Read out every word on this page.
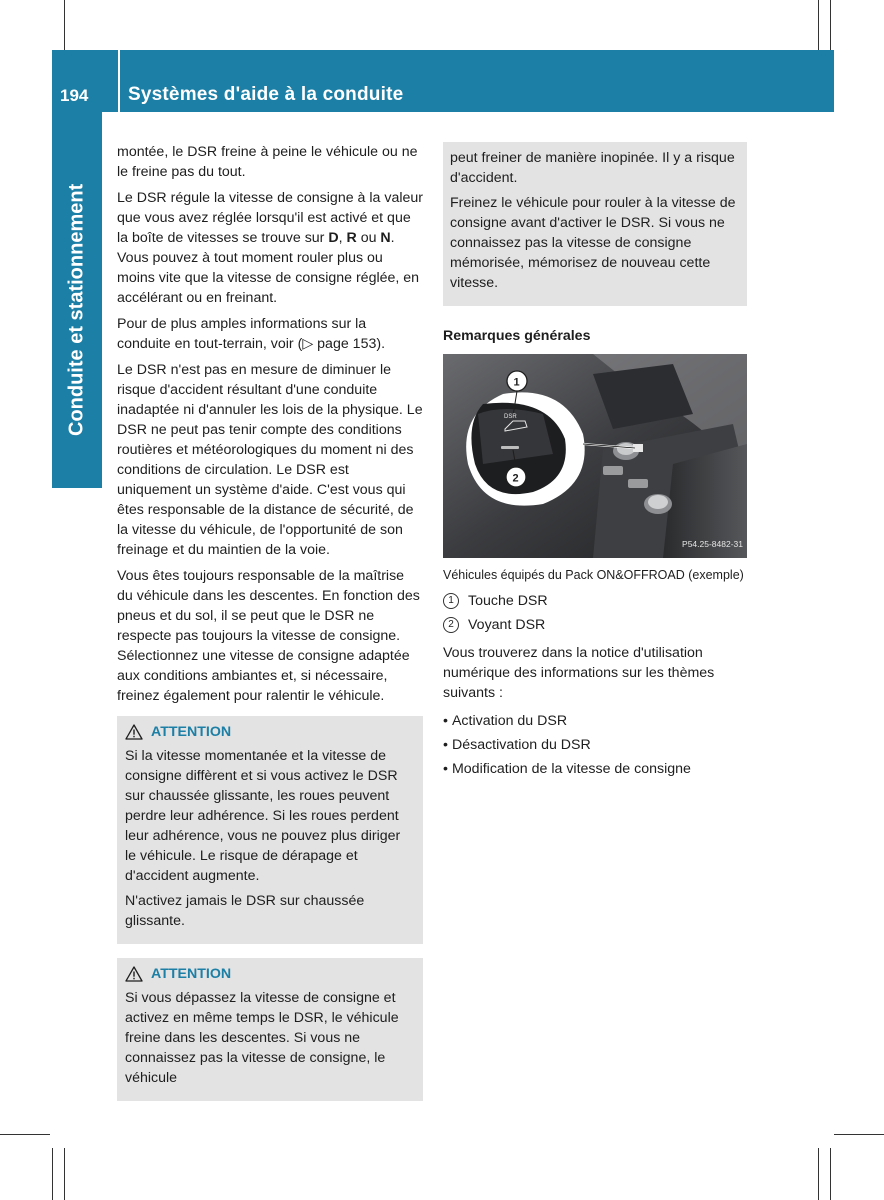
194 Systèmes d'aide à la conduite
Conduite et stationnement

montée, le DSR freine à peine le véhicule ou ne le freine pas du tout.

Le DSR régule la vitesse de consigne à la valeur que vous avez réglée lorsqu'il est activé et que la boîte de vitesses se trouve sur D, R ou N. Vous pouvez à tout moment rouler plus ou moins vite que la vitesse de consigne réglée, en accélérant ou en freinant.

Pour de plus amples informations sur la conduite en tout-terrain, voir (▷ page 153).

Le DSR n'est pas en mesure de diminuer le risque d'accident résultant d'une conduite inadaptée ni d'annuler les lois de la physique. Le DSR ne peut pas tenir compte des conditions routières et météorologiques du moment ni des conditions de circulation. Le DSR est uniquement un système d'aide. C'est vous qui êtes responsable de la distance de sécurité, de la vitesse du véhicule, de l'opportunité de son freinage et du maintien de la voie.

Vous êtes toujours responsable de la maîtrise du véhicule dans les descentes. En fonction des pneus et du sol, il se peut que le DSR ne respecte pas toujours la vitesse de consigne. Sélectionnez une vitesse de consigne adaptée aux conditions ambiantes et, si nécessaire, freinez également pour ralentir le véhicule.

ATTENTION

Si la vitesse momentanée et la vitesse de consigne diffèrent et si vous activez le DSR sur chaussée glissante, les roues peuvent perdre leur adhérence. Si les roues perdent leur adhérence, vous ne pouvez plus diriger le véhicule. Le risque de dérapage et d'accident augmente.

N'activez jamais le DSR sur chaussée glissante.

ATTENTION

Si vous dépassez la vitesse de consigne et activez en même temps le DSR, le véhicule freine dans les descentes. Si vous ne connaissez pas la vitesse de consigne, le véhicule

peut freiner de manière inopinée. Il y a risque d'accident.

Freinez le véhicule pour rouler à la vitesse de consigne avant d'activer le DSR. Si vous ne connaissez pas la vitesse de consigne mémorisée, mémorisez de nouveau cette vitesse.

Remarques générales
DSR
1
2
P54.25-8482-31
Véhicules équipés du Pack ON&OFFROAD (exemple)
1	Touche DSR
2	Voyant DSR

Vous trouverez dans la notice d'utilisation numérique des informations sur les thèmes suivants :

• Activation du DSR
• Désactivation du DSR
• Modification de la vitesse de consigne
